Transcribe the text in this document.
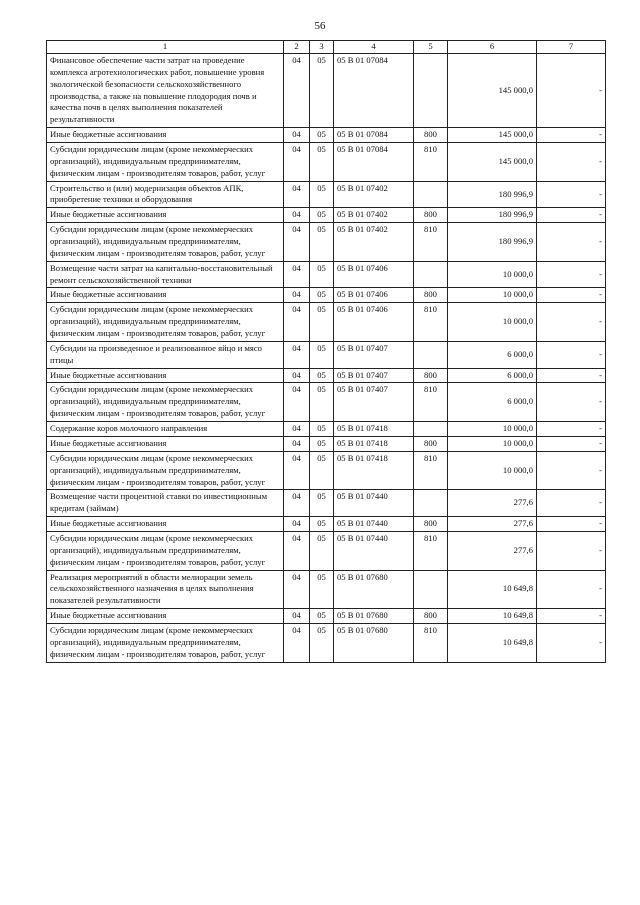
56
1	2	3	4	5	6	7
Финансовое обеспечение части затрат на проведение комплекса агротехнологических работ, повышение уровня экологической безопасности сельскохозяйственного производства, а также на повышение плодородия почв и качества почв в целях выполнения показателей результативности	04	05	05 В 01 07084		145 000,0	-
Иные бюджетные ассигнования	04	05	05 В 01 07084	800	145 000,0	-
Субсидии юридическим лицам (кроме некоммерческих организаций), индивидуальным предпринимателям, физическим лицам - производителям товаров, работ, услуг	04	05	05 В 01 07084	810	145 000,0	-
Строительство и (или) модернизация объектов АПК, приобретение техники и оборудования	04	05	05 В 01 07402		180 996,9	-
Иные бюджетные ассигнования	04	05	05 В 01 07402	800	180 996,9	-
Субсидии юридическим лицам (кроме некоммерческих организаций), индивидуальным предпринимателям, физическим лицам - производителям товаров, работ, услуг	04	05	05 В 01 07402	810	180 996,9	-
Возмещение части затрат на капитально-восстановительный ремонт сельскохозяйственной техники	04	05	05 В 01 07406		10 000,0	-
Иные бюджетные ассигнования	04	05	05 В 01 07406	800	10 000,0	-
Субсидии юридическим лицам (кроме некоммерческих организаций), индивидуальным предпринимателям, физическим лицам - производителям товаров, работ, услуг	04	05	05 В 01 07406	810	10 000,0	-
Субсидии на произведенное и реализованное яйцо и мясо птицы	04	05	05 В 01 07407		6 000,0	-
Иные бюджетные ассигнования	04	05	05 В 01 07407	800	6 000,0	-
Субсидии юридическим лицам (кроме некоммерческих организаций), индивидуальным предпринимателям, физическим лицам - производителям товаров, работ, услуг	04	05	05 В 01 07407	810	6 000,0	-
Содержание коров молочного направления	04	05	05 В 01 07418		10 000,0	-
Иные бюджетные ассигнования	04	05	05 В 01 07418	800	10 000,0	-
Субсидии юридическим лицам (кроме некоммерческих организаций), индивидуальным предпринимателям, физическим лицам - производителям товаров, работ, услуг	04	05	05 В 01 07418	810	10 000,0	-
Возмещение части процентной ставки по инвестиционным кредитам (займам)	04	05	05 В 01 07440		277,6	-
Иные бюджетные ассигнования	04	05	05 В 01 07440	800	277,6	-
Субсидии юридическим лицам (кроме некоммерческих организаций), индивидуальным предпринимателям, физическим лицам - производителям товаров, работ, услуг	04	05	05 В 01 07440	810	277,6	-
Реализация мероприятий в области мелиорации земель сельскохозяйственного назначения в целях выполнения показателей результативности	04	05	05 В 01 07680		10 649,8	-
Иные бюджетные ассигнования	04	05	05 В 01 07680	800	10 649,8	-
Субсидии юридическим лицам (кроме некоммерческих организаций), индивидуальным предпринимателям, физическим лицам - производителям товаров, работ, услуг	04	05	05 В 01 07680	810	10 649,8	-
